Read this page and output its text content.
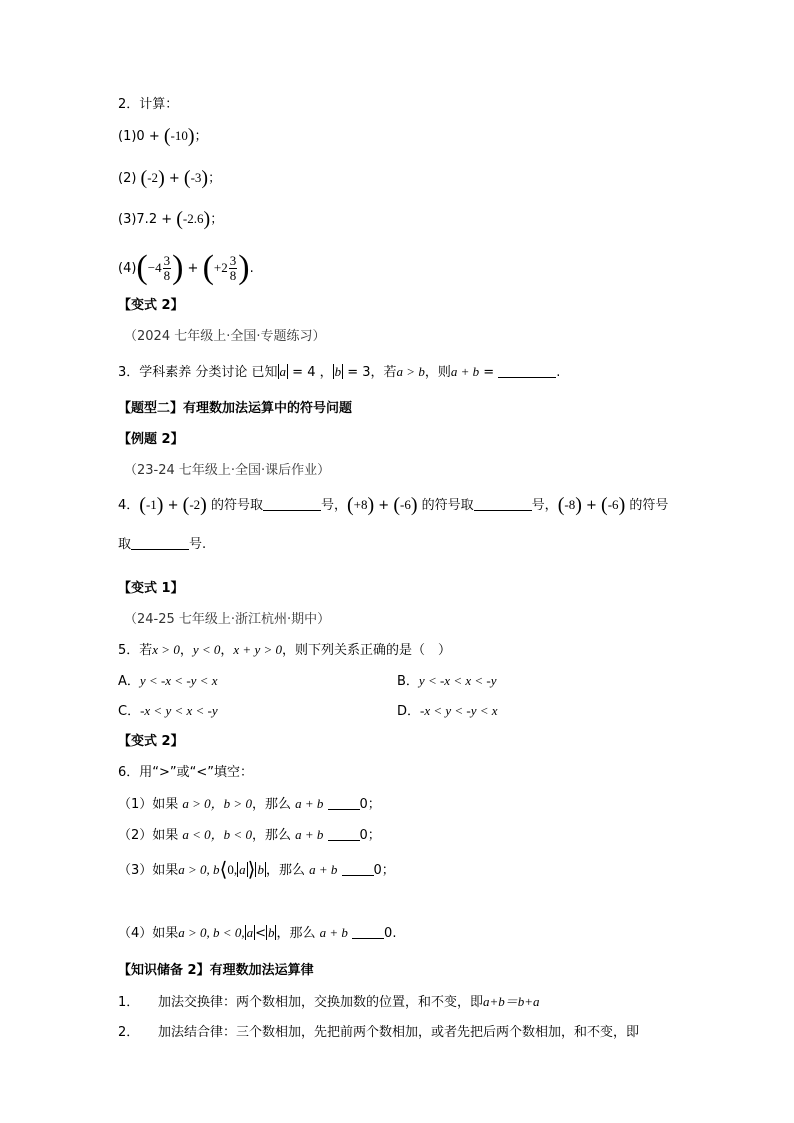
2．计算：
(1)0 + (-10)；
(2) (-2) + (-3)；
(3)7.2 + (-2.6)；
$(4)(-4 \frac{3}{8}$ ) + ($+2 \frac{3}{8}$ ).
【变式 2】
（2024 七年级上·全国·专题练习）
3．学科素养 分类讨论 已知 a = 4 ， b = 3，若a > b，则a + b =	.
【题型二】有理数加法运算中的符号问题
【例题 2】
（23-24 七年级上·全国·课后作业）
4．(-1) + (-2) 的符号取	号，(+8) + (-6) 的符号取	号，(-8) + (-6) 的符号
取	号.
【变式 1】
（24-25 七年级上·浙江杭州·期中）
5．若x > 0，y < 0，x + y > 0，则下列关系正确的是（　）
A．y < -x < -y < x	B．y < -x < x < -y
C．-x < y < x < -y	D．-x < y < -y < x
【变式 2】
6．用“>”或“<”填空：
（1）如果 a > 0，b > 0，那么 a + b	0；
（2）如果 a < 0，b < 0，那么 a + b	0；
（3）如果a > 0, b⟨0, a ⟩ b ，那么 a + b	0；
（4）如果a > 0, b < 0, a < b ，那么 a + b	0.
【知识储备 2】有理数加法运算律
1． 加法交换律：两个数相加，交换加数的位置，和不变，即a+b＝b+a
2． 加法结合律：三个数相加，先把前两个数相加，或者先把后两个数相加，和不变，即
